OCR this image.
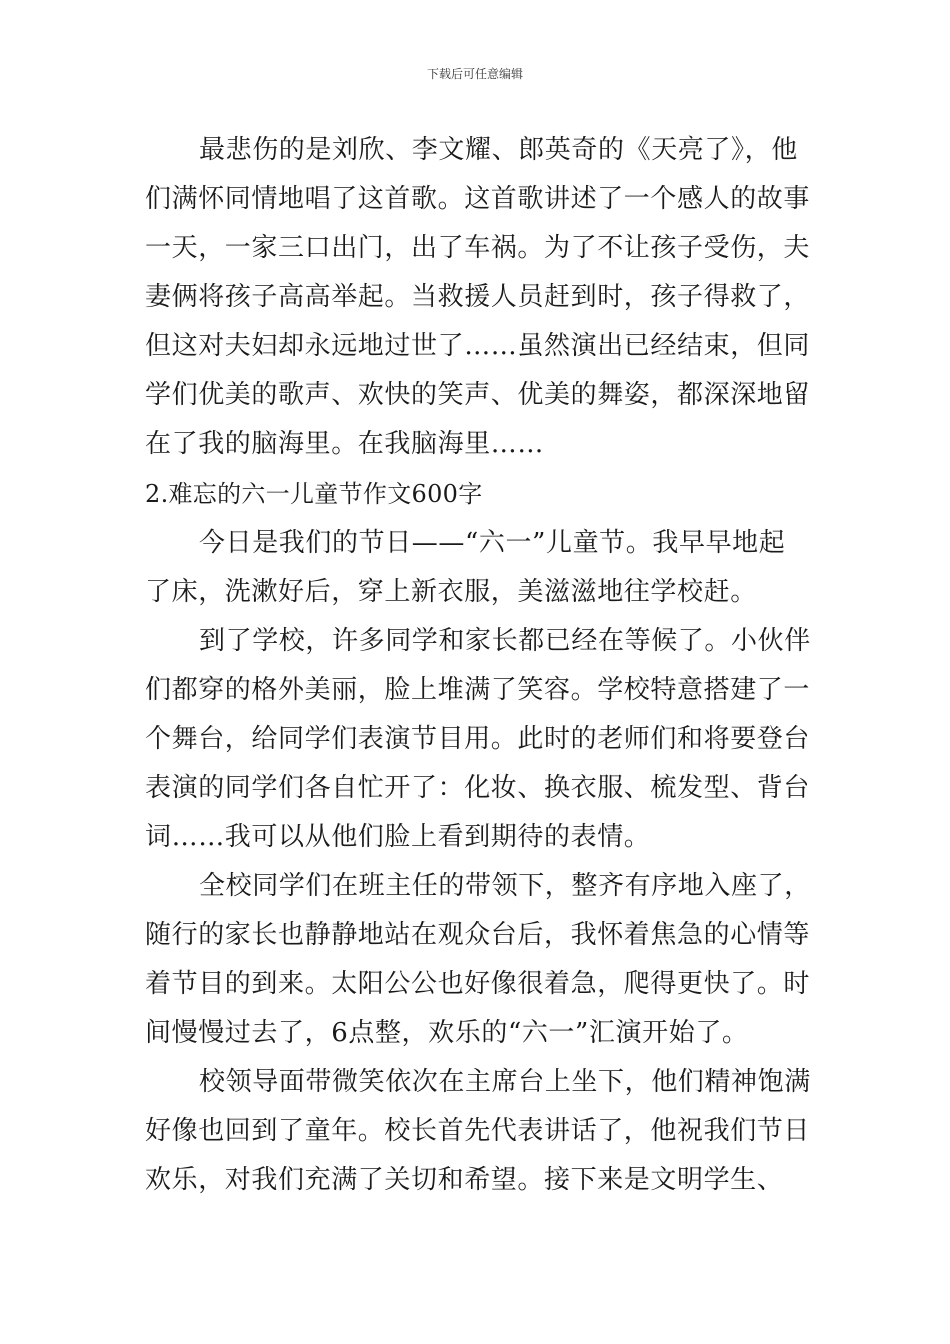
下载后可任意编辑
最悲伤的是刘欣、李文耀、郎英奇的《天亮了》，他
们满怀同情地唱了这首歌。这首歌讲述了一个感人的故事
一天，一家三口出门，出了车祸。为了不让孩子受伤，夫
妻俩将孩子高高举起。当救援人员赶到时，孩子得救了，
但这对夫妇却永远地过世了……虽然演出已经结束，但同
学们优美的歌声、欢快的笑声、优美的舞姿，都深深地留
在了我的脑海里。在我脑海里……
2.难忘的六一儿童节作文600字
今日是我们的节日——“六一”儿童节。我早早地起
了床，洗漱好后，穿上新衣服，美滋滋地往学校赶。
到了学校，许多同学和家长都已经在等候了。小伙伴
们都穿的格外美丽，脸上堆满了笑容。学校特意搭建了一
个舞台，给同学们表演节目用。此时的老师们和将要登台
表演的同学们各自忙开了：化妆、换衣服、梳发型、背台
词……我可以从他们脸上看到期待的表情。
全校同学们在班主任的带领下，整齐有序地入座了，
随行的家长也静静地站在观众台后，我怀着焦急的心情等
着节目的到来。太阳公公也好像很着急，爬得更快了。时
间慢慢过去了，6点整，欢乐的“六一”汇演开始了。
校领导面带微笑依次在主席台上坐下，他们精神饱满
好像也回到了童年。校长首先代表讲话了，他祝我们节日
欢乐，对我们充满了关切和希望。接下来是文明学生、
